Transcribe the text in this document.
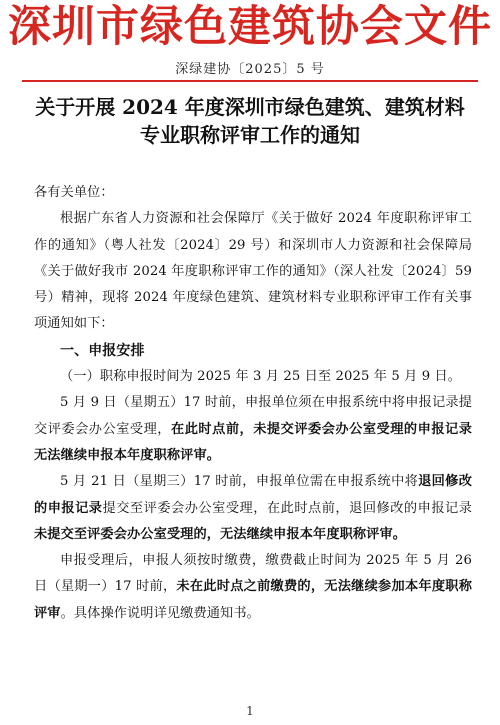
深圳市绿色建筑协会文件
深绿建协〔2025〕5 号
关于开展 2024 年度深圳市绿色建筑、建筑材料
专业职称评审工作的通知

各有关单位：

根据广东省人力资源和社会保障厅《关于做好 2024 年度职称评审工作的通知》（粤人社发〔2024〕29 号）和深圳市人力资源和社会保障局《关于做好我市 2024 年度职称评审工作的通知》（深人社发〔2024〕59 号）精神，现将 2024 年度绿色建筑、建筑材料专业职称评审工作有关事项通知如下：

一、申报安排

（一）职称申报时间为 2025 年 3 月 25 日至 2025 年 5 月 9 日。

5 月 9 日（星期五）17 时前，申报单位须在申报系统中将申报记录提交评委会办公室受理，在此时点前，未提交评委会办公室受理的申报记录无法继续申报本年度职称评审。

5 月 21 日（星期三）17 时前，申报单位需在申报系统中将退回修改的申报记录提交至评委会办公室受理，在此时点前，退回修改的申报记录未提交至评委会办公室受理的，无法继续申报本年度职称评审。

申报受理后，申报人须按时缴费，缴费截止时间为 2025 年 5 月 26 日（星期一）17 时前，未在此时点之前缴费的，无法继续参加本年度职称评审。具体操作说明详见缴费通知书。

1
